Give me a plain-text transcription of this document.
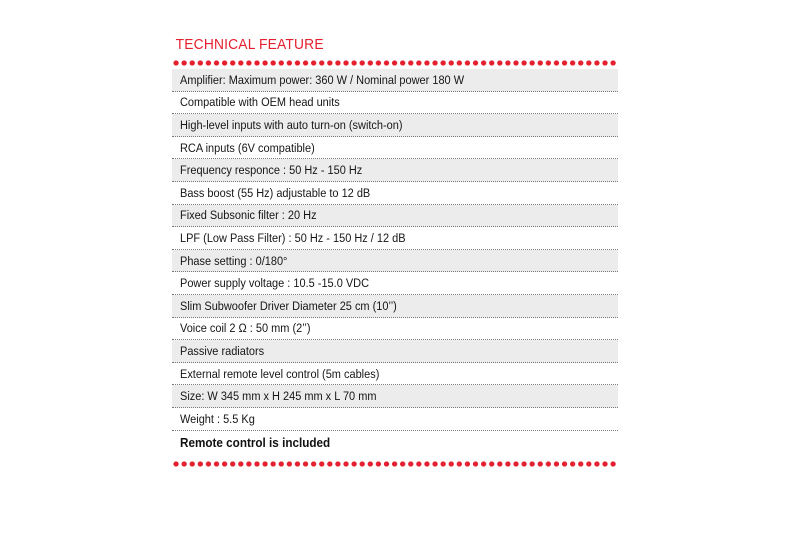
TECHNICAL FEATURE
Amplifier: Maximum power: 360 W / Nominal power 180 W
Compatible with OEM head units
High-level inputs with auto turn-on (switch-on)
RCA inputs (6V compatible)
Frequency responce : 50 Hz - 150 Hz
Bass boost (55 Hz) adjustable to 12 dB
Fixed Subsonic filter : 20 Hz
LPF (Low Pass Filter) : 50 Hz - 150 Hz / 12 dB
Phase setting : 0/180°
Power supply voltage : 10.5 -15.0 VDC
Slim Subwoofer Driver Diameter 25 cm (10’’)
Voice coil 2 Ω : 50 mm (2’’)
Passive radiators
External remote level control (5m cables)
Size: W 345 mm x H 245 mm x L 70 mm
Weight : 5.5 Kg
Remote control is included
